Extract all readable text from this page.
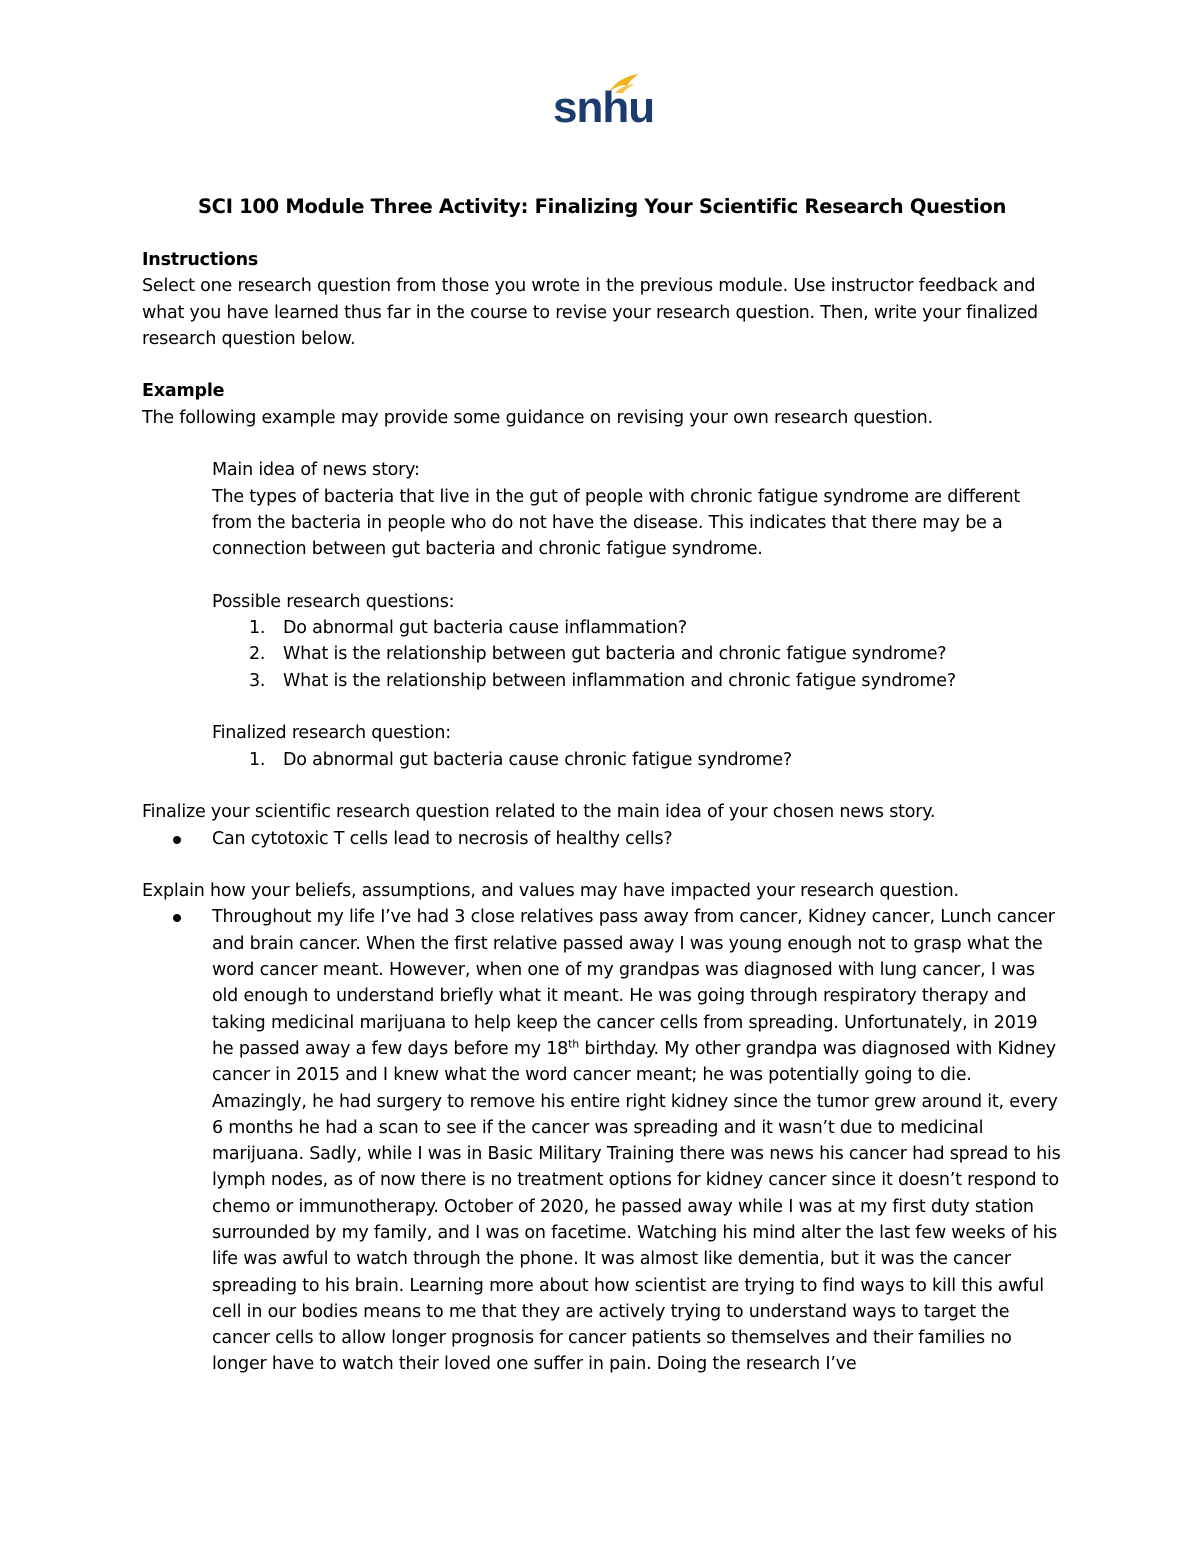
snhu
SCI 100 Module Three Activity: Finalizing Your Scientific Research Question

Instructions

Select one research question from those you wrote in the previous module. Use instructor feedback and what you have learned thus far in the course to revise your research question. Then, write your finalized research question below.

Example

The following example may provide some guidance on revising your own research question.

Main idea of news story:

The types of bacteria that live in the gut of people with chronic fatigue syndrome are different from the bacteria in people who do not have the disease. This indicates that there may be a connection between gut bacteria and chronic fatigue syndrome.

Possible research questions:

1. Do abnormal gut bacteria cause inflammation?
2. What is the relationship between gut bacteria and chronic fatigue syndrome?
3. What is the relationship between inflammation and chronic fatigue syndrome?

Finalized research question:

1. Do abnormal gut bacteria cause chronic fatigue syndrome?

Finalize your scientific research question related to the main idea of your chosen news story.

Can cytotoxic T cells lead to necrosis of healthy cells?

Explain how your beliefs, assumptions, and values may have impacted your research question.

Throughout my life I’ve had 3 close relatives pass away from cancer, Kidney cancer, Lunch cancer and brain cancer. When the first relative passed away I was young enough not to grasp what the word cancer meant. However, when one of my grandpas was diagnosed with lung cancer, I was old enough to understand briefly what it meant. He was going through respiratory therapy and taking medicinal marijuana to help keep the cancer cells from spreading. Unfortunately, in 2019 he passed away a few days before my 18th birthday. My other grandpa was diagnosed with Kidney cancer in 2015 and I knew what the word cancer meant; he was potentially going to die. Amazingly, he had surgery to remove his entire right kidney since the tumor grew around it, every 6 months he had a scan to see if the cancer was spreading and it wasn’t due to medicinal marijuana. Sadly, while I was in Basic Military Training there was news his cancer had spread to his lymph nodes, as of now there is no treatment options for kidney cancer since it doesn’t respond to chemo or immunotherapy. October of 2020, he passed away while I was at my first duty station surrounded by my family, and I was on facetime. Watching his mind alter the last few weeks of his life was awful to watch through the phone. It was almost like dementia, but it was the cancer spreading to his brain. Learning more about how scientist are trying to find ways to kill this awful cell in our bodies means to me that they are actively trying to understand ways to target the cancer cells to allow longer prognosis for cancer patients so themselves and their families no longer have to watch their loved one suffer in pain. Doing the research I’ve
